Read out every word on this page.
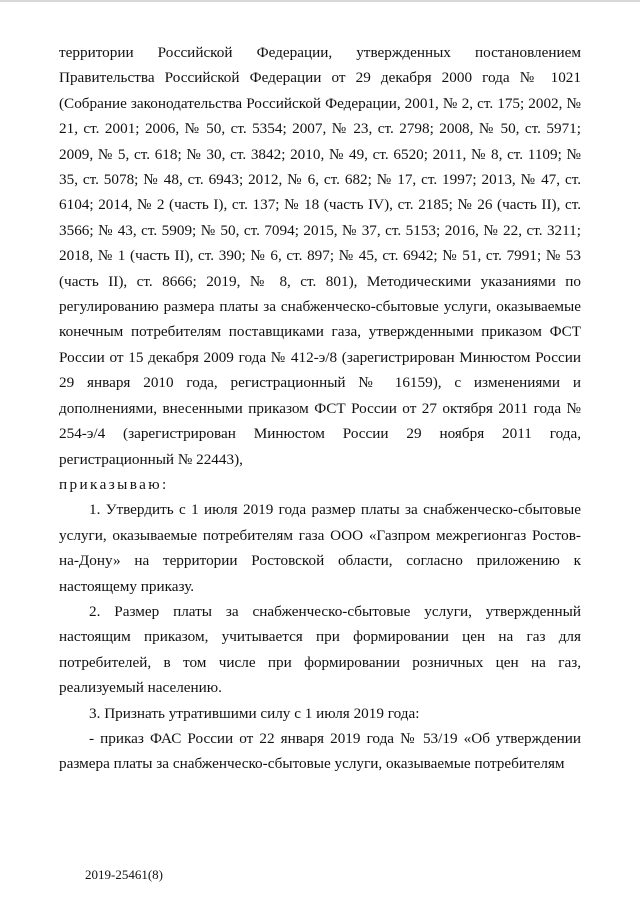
территории Российской Федерации, утвержденных постановлением Правительства Российской Федерации от 29 декабря 2000 года № 1021 (Собрание законодательства Российской Федерации, 2001, № 2, ст. 175; 2002, № 21, ст. 2001; 2006, № 50, ст. 5354; 2007, № 23, ст. 2798; 2008, № 50, ст. 5971; 2009, № 5, ст. 618; № 30, ст. 3842; 2010, № 49, ст. 6520; 2011, № 8, ст. 1109; № 35, ст. 5078; № 48, ст. 6943; 2012, № 6, ст. 682; № 17, ст. 1997; 2013, № 47, ст. 6104; 2014, № 2 (часть I), ст. 137; № 18 (часть IV), ст. 2185; № 26 (часть II), ст. 3566; № 43, ст. 5909; № 50, ст. 7094; 2015, № 37, ст. 5153; 2016, № 22, ст. 3211; 2018, № 1 (часть II), ст. 390; № 6, ст. 897; № 45, ст. 6942; № 51, ст. 7991; № 53 (часть II), ст. 8666; 2019, № 8, ст. 801), Методическими указаниями по регулированию размера платы за снабженческо-сбытовые услуги, оказываемые конечным потребителям поставщиками газа, утвержденными приказом ФСТ России от 15 декабря 2009 года № 412-э/8 (зарегистрирован Минюстом России 29 января 2010 года, регистрационный № 16159), с изменениями и дополнениями, внесенными приказом ФСТ России от 27 октября 2011 года № 254-э/4 (зарегистрирован Минюстом России 29 ноября 2011 года, регистрационный № 22443),

приказываю:

1. Утвердить с 1 июля 2019 года размер платы за снабженческо-сбытовые услуги, оказываемые потребителям газа ООО «Газпром межрегионгаз Ростов-на-Дону» на территории Ростовской области, согласно приложению к настоящему приказу.

2. Размер платы за снабженческо-сбытовые услуги, утвержденный настоящим приказом, учитывается при формировании цен на газ для потребителей, в том числе при формировании розничных цен на газ, реализуемый населению.

3. Признать утратившими силу с 1 июля 2019 года:

- приказ ФАС России от 22 января 2019 года № 53/19 «Об утверждении размера платы за снабженческо-сбытовые услуги, оказываемые потребителям

2019-25461(8)
